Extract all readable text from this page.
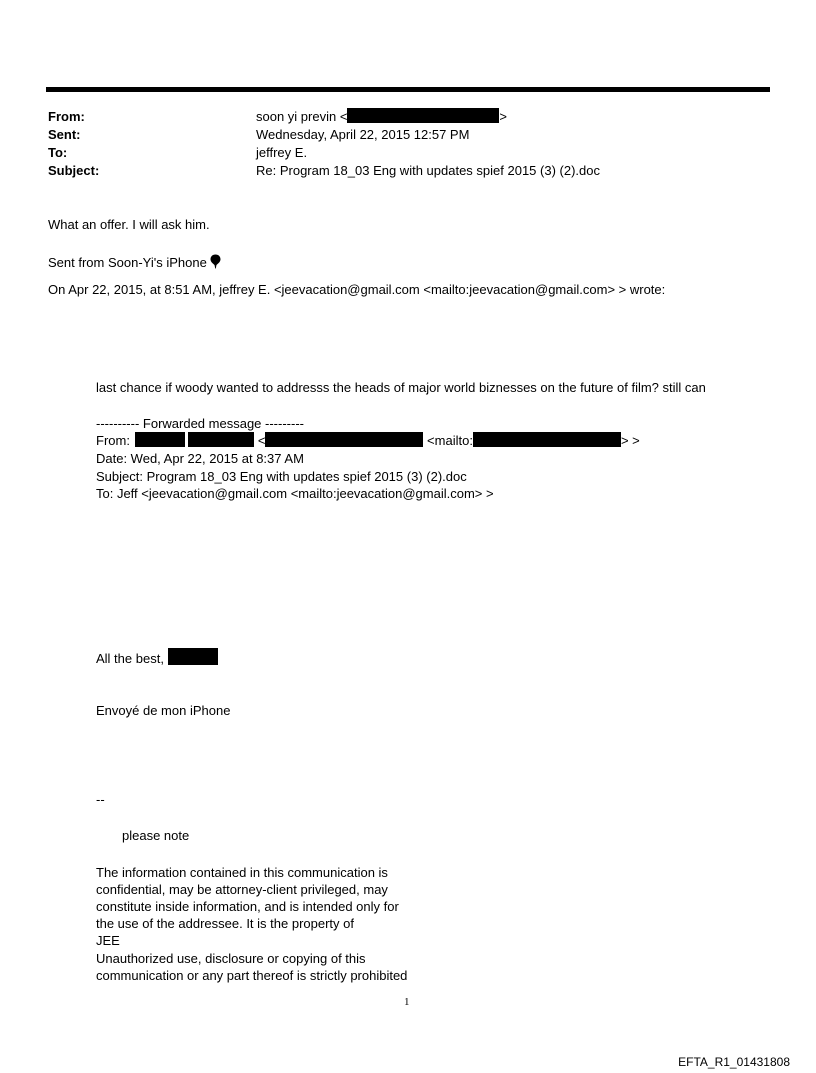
From:	soon yi previn <	>
Sent:	Wednesday, April 22, 2015 12:57 PM
To:	jeffrey E.
Subject:	Re: Program 18_03 Eng with updates spief 2015 (3) (2).doc
What an offer. I will ask him.
Sent from Soon-Yi's iPhone
On Apr 22, 2015, at 8:51 AM, jeffrey E. <jeevacation@gmail.com <mailto:jeevacation@gmail.com> > wrote:
last chance if woody wanted to addresss the heads of major world biznesses on the future of film? still can
---------- Forwarded message ---------
From:	<	<mailto:	> >
Date: Wed, Apr 22, 2015 at 8:37 AM
Subject: Program 18_03 Eng with updates spief 2015 (3) (2).doc
To: Jeff <jeevacation@gmail.com <mailto:jeevacation@gmail.com> >
All the best,
Envoyé de mon iPhone
--
please note
The information contained in this communication is
confidential, may be attorney-client privileged, may
constitute inside information, and is intended only for
the use of the addressee. It is the property of
JEE
Unauthorized use, disclosure or copying of this
communication or any part thereof is strictly prohibited
1
EFTA_R1_01431808
